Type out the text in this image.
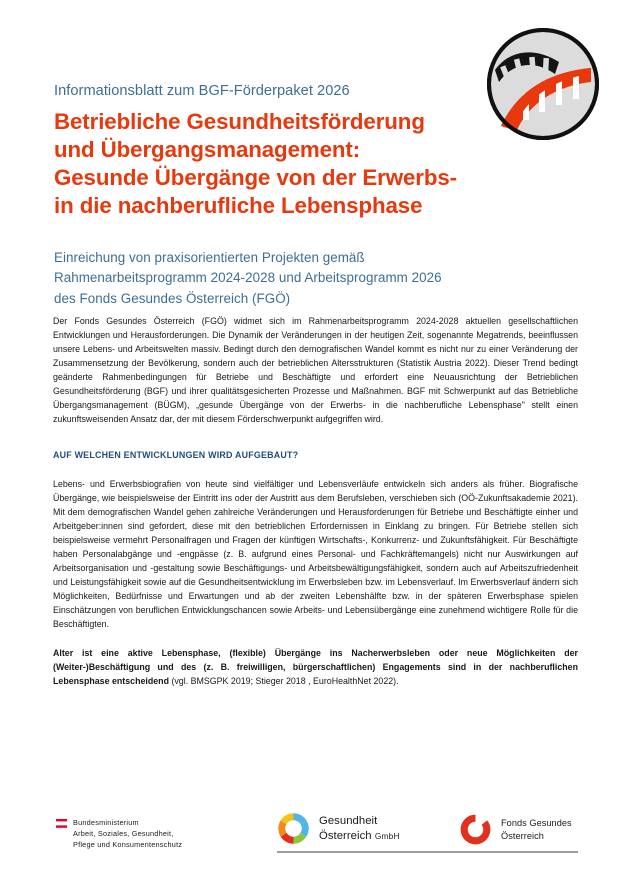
Informationsblatt zum BGF-Förderpaket 2026
Betriebliche Gesundheitsförderung
und Übergangsmanagement:
Gesunde Übergänge von der Erwerbs-
in die nachberufliche Lebensphase
Einreichung von praxisorientierten Projekten gemäß
Rahmenarbeitsprogramm 2024-2028 und Arbeitsprogramm 2026
des Fonds Gesundes Österreich (FGÖ)

Der Fonds Gesundes Österreich (FGÖ) widmet sich im Rahmenarbeitsprogramm 2024-2028 aktuellen gesellschaftlichen Entwicklungen und Herausforderungen. Die Dynamik der Veränderungen in der heutigen Zeit, sogenannte Megatrends, beeinflussen unsere Lebens- und Arbeitswelten massiv. Bedingt durch den demografischen Wandel kommt es nicht nur zu einer Veränderung der Zusammensetzung der Bevölkerung, sondern auch der betrieblichen Altersstrukturen (Statistik Austria 2022). Dieser Trend bedingt geänderte Rahmenbedingungen für Betriebe und Beschäftigte und erfordert eine Neuausrichtung der Betrieblichen Gesundheitsförderung (BGF) und ihrer qualitätsgesicherten Prozesse und Maßnahmen. BGF mit Schwerpunkt auf das Betriebliche Übergangsmanagement (BÜGM), „gesunde Übergänge von der Erwerbs- in die nachberufliche Lebensphase" stellt einen zukunftsweisenden Ansatz dar, der mit diesem Förderschwerpunkt aufgegriffen wird.

AUF WELCHEN ENTWICKLUNGEN WIRD AUFGEBAUT?

Lebens- und Erwerbsbiografien von heute sind vielfältiger und Lebensverläufe entwickeln sich anders als früher. Biografische Übergänge, wie beispielsweise der Eintritt ins oder der Austritt aus dem Berufsleben, verschieben sich (OÖ-Zukunftsakademie 2021). Mit dem demografischen Wandel gehen zahlreiche Veränderungen und Herausforderungen für Betriebe und Beschäftigte einher und Arbeitgeber:innen sind gefordert, diese mit den betrieblichen Erfordernissen in Einklang zu bringen. Für Betriebe stellen sich beispielsweise vermehrt Personalfragen und Fragen der künftigen Wirtschafts-, Konkurrenz- und Zukunftsfähigkeit. Für Beschäftigte haben Personalabgänge und -engpässe (z. B. aufgrund eines Personal- und Fachkräftemangels) nicht nur Auswirkungen auf Arbeitsorganisation und -gestaltung sowie Beschäftigungs- und Arbeitsbewältigungsfähigkeit, sondern auch auf Arbeitszufriedenheit und Leistungsfähigkeit sowie auf die Gesundheitsentwicklung im Erwerbsleben bzw. im Lebensverlauf. Im Erwerbsverlauf ändern sich Möglichkeiten, Bedürfnisse und Erwartungen und ab der zweiten Lebenshälfte bzw. in der späteren Erwerbsphase spielen Einschätzungen von beruflichen Entwicklungschancen sowie Arbeits- und Lebensübergänge eine zunehmend wichtigere Rolle für die Beschäftigten.

Alter ist eine aktive Lebensphase, (flexible) Übergänge ins Nacherwerbsleben oder neue Möglichkeiten der (Weiter-)Beschäftigung und des (z. B. freiwilligen, bürgerschaftlichen) Engagements sind in der nachberuflichen Lebensphase entscheidend (vgl. BMSGPK 2019; Stieger 2018 , EuroHealthNet 2022).

Bundesministerium
Arbeit, Soziales, Gesundheit,
Pflege und Konsumentenschutz
Gesundheit
Österreich GmbH
Fonds Gesundes
Österreich
